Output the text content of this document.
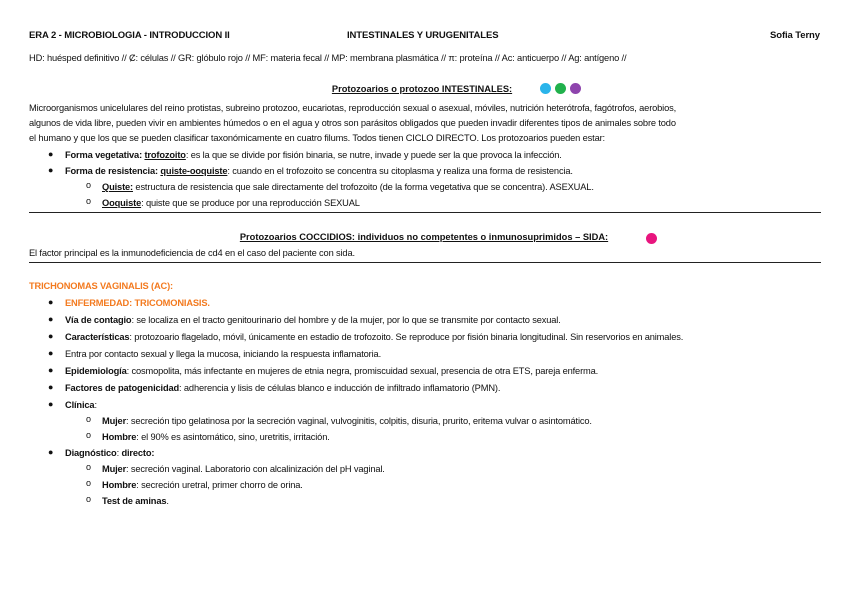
ERA 2 - MICROBIOLOGIA - INTRODUCCION II	INTESTINALES Y URUGENITALES	Sofia Terny
HD: huésped definitivo // Ȼ: células // GR: glóbulo rojo // MF: materia fecal // MP: membrana plasmática // π: proteína // Ac: anticuerpo // Ag: antígeno //
Protozoarios o protozoo INTESTINALES:
Microorganismos unicelulares del reino protistas, subreino protozoo, eucariotas, reproducción sexual o asexual, móviles, nutrición heterótrofa, fagótrofos, aerobios,
algunos de vida libre, pueden vivir en ambientes húmedos o en el agua y otros son parásitos obligados que pueden invadir diferentes tipos de animales sobre todo
el humano y que los que se pueden clasificar taxonómicamente en cuatro filums. Todos tienen CICLO DIRECTO. Los protozoarios pueden estar:
● Forma vegetativa: trofozoito: es la que se divide por fisión binaria, se nutre, invade y puede ser la que provoca la infección.
● Forma de resistencia: quiste-ooquiste: cuando en el trofozoito se concentra su citoplasma y realiza una forma de resistencia.
o Quiste: estructura de resistencia que sale directamente del trofozoito (de la forma vegetativa que se concentra). ASEXUAL.
o Ooquiste: quiste que se produce por una reproducción SEXUAL
Protozoarios COCCIDIOS: individuos no competentes o inmunosuprimidos – SIDA:
El factor principal es la inmunodeficiencia de cd4 en el caso del paciente con sida.
TRICHONOMAS VAGINALIS (AC):
● ENFERMEDAD: TRICOMONIASIS.
● Vía de contagio: se localiza en el tracto genitourinario del hombre y de la mujer, por lo que se transmite por contacto sexual.
● Características: protozoario flagelado, móvil, únicamente en estadio de trofozoito. Se reproduce por fisión binaria longitudinal. Sin reservorios en animales.
● Entra por contacto sexual y llega la mucosa, iniciando la respuesta inflamatoria.
● Epidemiología: cosmopolita, más infectante en mujeres de etnia negra, promiscuidad sexual, presencia de otra ETS, pareja enferma.
● Factores de patogenicidad: adherencia y lisis de células blanco e inducción de infiltrado inflamatorio (PMN).
● Clínica:
o Mujer: secreción tipo gelatinosa por la secreción vaginal, vulvoginitis, colpitis, disuria, prurito, eritema vulvar o asintomático.
o Hombre: el 90% es asintomático, sino, uretritis, irritación.
● Diagnóstico: directo:
o Mujer: secreción vaginal. Laboratorio con alcalinización del pH vaginal.
o Hombre: secreción uretral, primer chorro de orina.
o Test de aminas.
